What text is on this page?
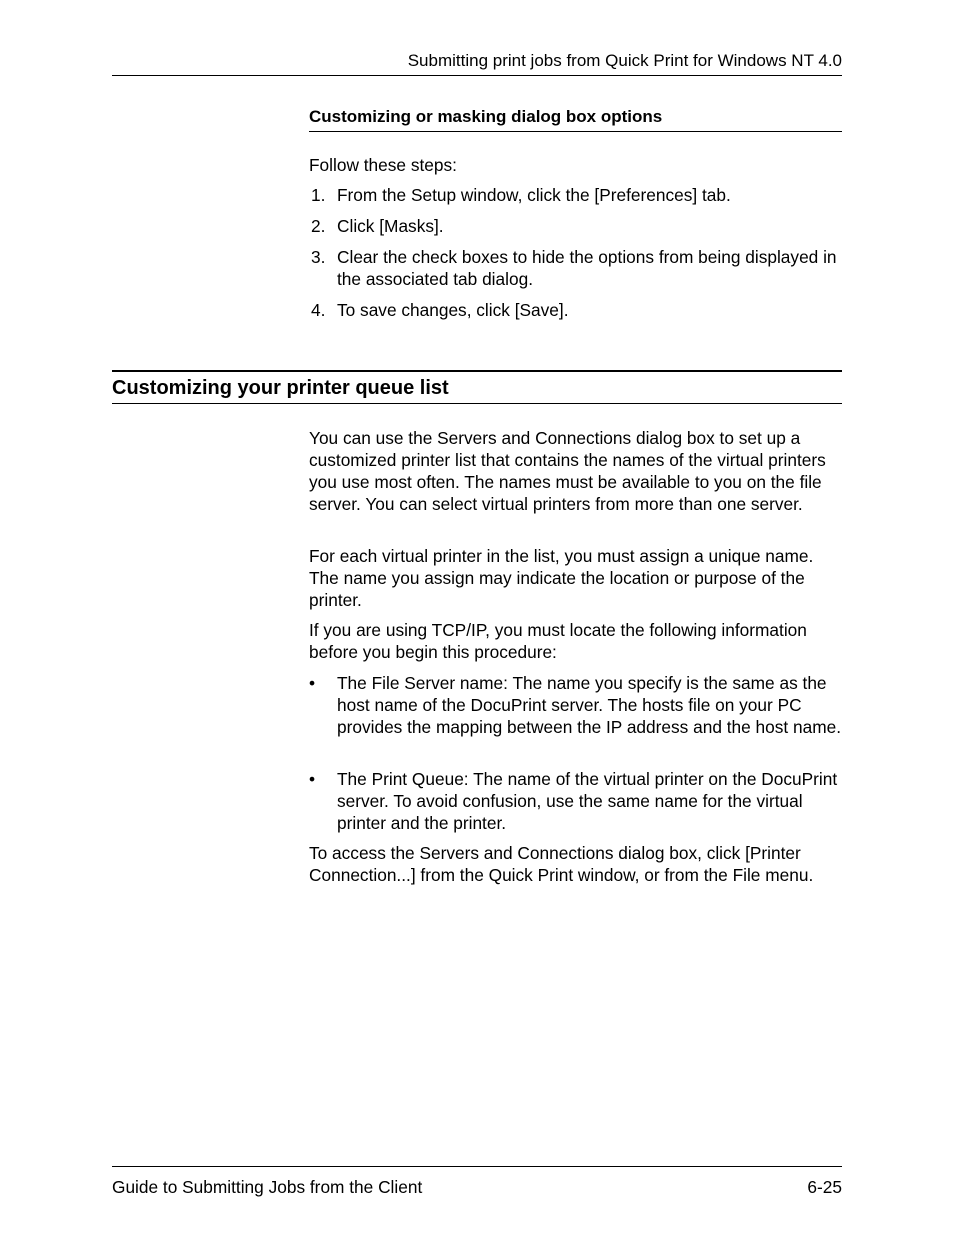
Submitting print jobs from Quick Print for Windows NT 4.0
Customizing or masking dialog box options
Follow these steps:
1. From the Setup window, click the [Preferences] tab.
2. Click [Masks].
3. Clear the check boxes to hide the options from being displayed in the associated tab dialog.
4. To save changes, click [Save].
Customizing your printer queue list
You can use the Servers and Connections dialog box to set up a customized printer list that contains the names of the virtual printers you use most often. The names must be available to you on the file server. You can select virtual printers from more than one server.
For each virtual printer in the list, you must assign a unique name. The name you assign may indicate the location or purpose of the printer.
If you are using TCP/IP, you must locate the following information before you begin this procedure:
• The File Server name: The name you specify is the same as the host name of the DocuPrint server. The hosts file on your PC provides the mapping between the IP address and the host name.
• The Print Queue: The name of the virtual printer on the DocuPrint server. To avoid confusion, use the same name for the virtual printer and the printer.
To access the Servers and Connections dialog box, click [Printer Connection...] from the Quick Print window, or from the File menu.
Guide to Submitting Jobs from the Client	6-25
